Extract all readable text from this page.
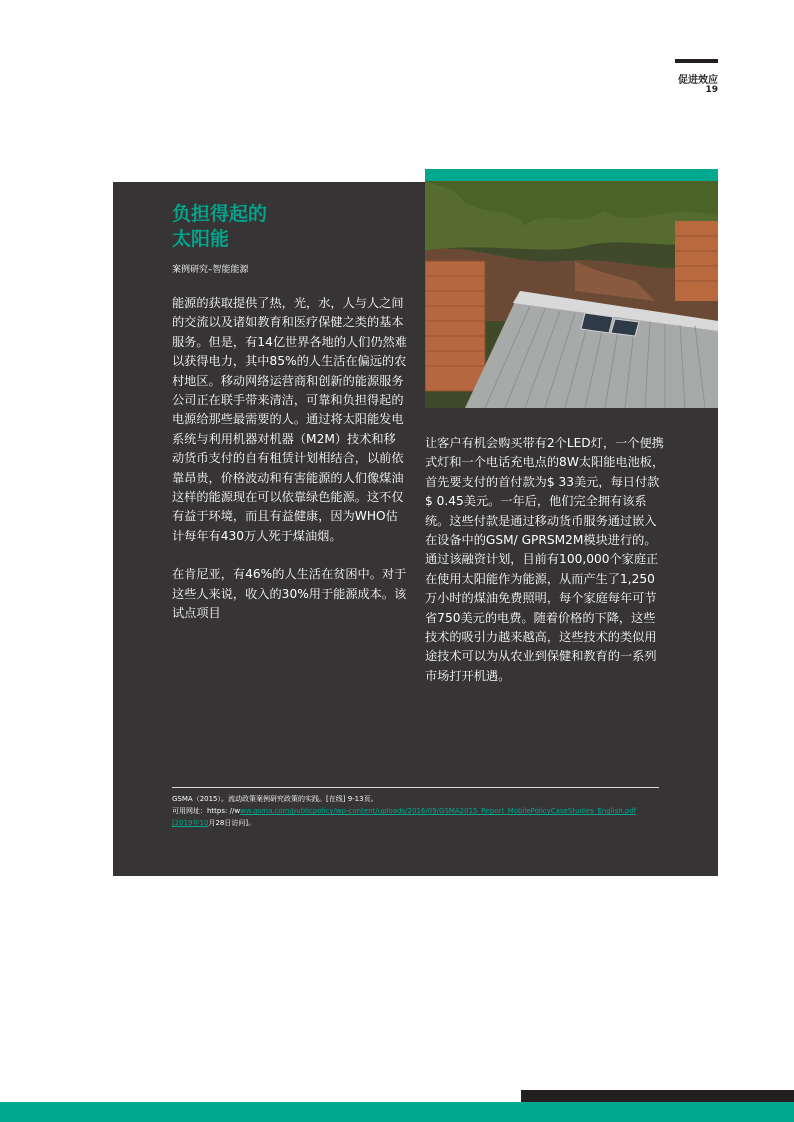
促进效应
19
负担得起的
太阳能
案例研究–智能能源

能源的获取提供了热，光，水，人与人之间的交流以及诸如教育和医疗保健之类的基本服务。但是，有14亿世界各地的人们仍然难以获得电力，其中85%的人生活在偏远的农村地区。移动网络运营商和创新的能源服务公司正在联手带来清洁，可靠和负担得起的电源给那些最需要的人。通过将太阳能发电系统与利用机器对机器（M2M）技术和移动货币支付的自有租赁计划相结合，以前依靠昂贵，价格波动和有害能源的人们像煤油这样的能源现在可以依靠绿色能源。这不仅有益于环境，而且有益健康，因为WHO估计每年有430万人死于煤油烟。

在肯尼亚，有46%的人生活在贫困中。对于这些人来说，收入的30%用于能源成本。该试点项目

让客户有机会购买带有2个LED灯，一个便携式灯和一个电话充电点的8W太阳能电池板，首先要支付的首付款为$ 33美元，每日付款$ 0.45美元。一年后，他们完全拥有该系统。这些付款是通过移动货币服务通过嵌入在设备中的GSM/ GPRSM2M模块进行的。通过该融资计划，目前有100,000个家庭正在使用太阳能作为能源，从而产生了1,250万小时的煤油免费照明，每个家庭每年可节省750美元的电费。随着价格的下降，这些技术的吸引力越来越高，这些技术的类似用途技术可以为从农业到保健和教育的一系列市场打开机遇。

GSMA（2015）。流动政策案例研究政策的实践。[在线] 9-13页。
可用网址：https: //www.gsma.com/publicpolicy/wp-content/uploads/2016/09/GSMA2015_Report_MobilePolicyCaseStudies_English.pdf
[2019年10月28日访问]。
